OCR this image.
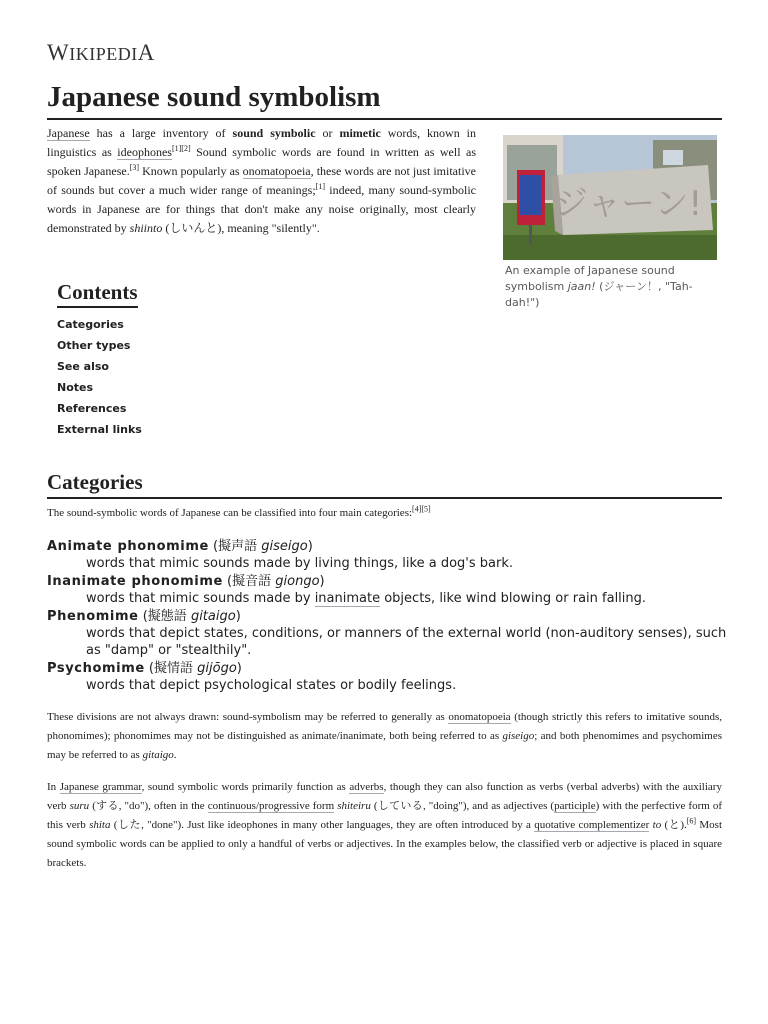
WIKIPEDIA
Japanese sound symbolism
Japanese has a large inventory of sound symbolic or mimetic words, known in linguistics as ideophones[1][2] Sound symbolic words are found in written as well as spoken Japanese.[3] Known popularly as onomatopoeia, these words are not just imitative of sounds but cover a much wider range of meanings;[1] indeed, many sound-symbolic words in Japanese are for things that don't make any noise originally, most clearly demonstrated by shiinto (しいんと), meaning "silently".
ジャーン!
An example of Japanese sound symbolism jaan! (ジャーン！, "Tah-dah!")
Contents
Categories
Other types
See also
Notes
References
External links
Categories
The sound-symbolic words of Japanese can be classified into four main categories:[4][5]
Animate phonomime (擬声語 giseigo)
words that mimic sounds made by living things, like a dog's bark.
Inanimate phonomime (擬音語 giongo)
words that mimic sounds made by inanimate objects, like wind blowing or rain falling.
Phenomime (擬態語 gitaigo)
words that depict states, conditions, or manners of the external world (non-auditory senses), such as "damp" or "stealthily".
Psychomime (擬情語 gijōgo)
words that depict psychological states or bodily feelings.
These divisions are not always drawn: sound-symbolism may be referred to generally as onomatopoeia (though strictly this refers to imitative sounds, phonomimes); phonomimes may not be distinguished as animate/inanimate, both being referred to as giseigo; and both phenomimes and psychomimes may be referred to as gitaigo.
In Japanese grammar, sound symbolic words primarily function as adverbs, though they can also function as verbs (verbal adverbs) with the auxiliary verb suru (する, "do"), often in the continuous/progressive form shiteiru (している, "doing"), and as adjectives (participle) with the perfective form of this verb shita (した, "done"). Just like ideophones in many other languages, they are often introduced by a quotative complementizer to (と).[6] Most sound symbolic words can be applied to only a handful of verbs or adjectives. In the examples below, the classified verb or adjective is placed in square brackets.
